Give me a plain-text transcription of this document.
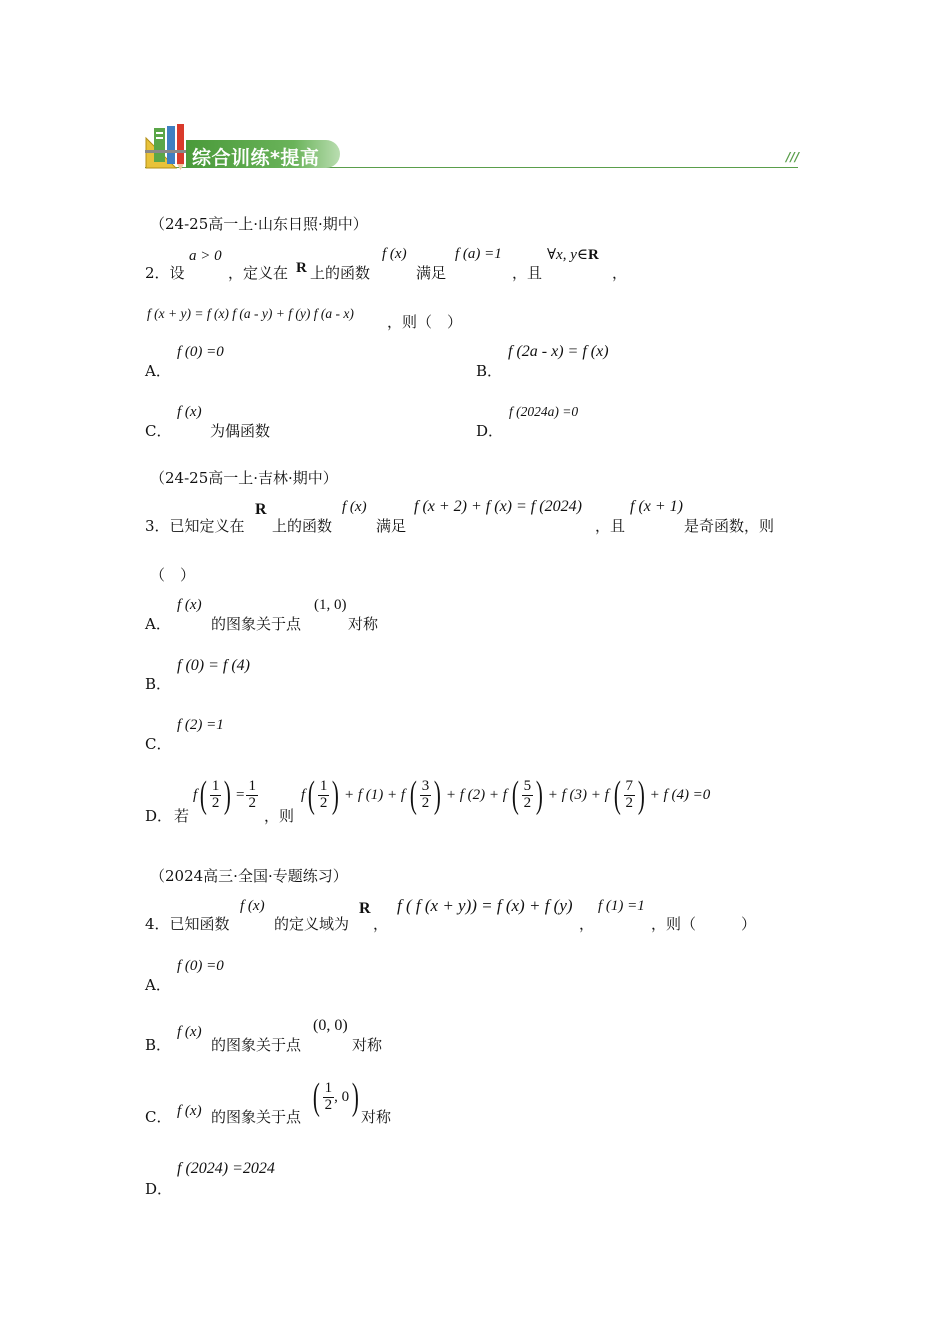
综合训练*提高	///
（24-25高一上·山东日照·期中）
2．设
a > 0
，定义在 R 上的函数
f (x)
满足
f (a) =1
，且
∀x, y∈R
，
f (x + y) = f (x) f (a - y) + f (y) f (a - x) ，则（　）
A．
f (0) =0
B．
f (2a - x) = f (x)
C．
f (x)
为偶函数	D．
f (2024a) =0
（24-25高一上·吉林·期中）
3．已知定义在
R
上的函数
f (x)
满足
f (x + 2) + f (x) = f (2024)
，且
f (x + 1)
是奇函数，则
（　）
A．
f (x)
的图象关于点
(1, 0)
对称
B．
f (0) = f (4)
C．
f (2) =1
D． 若
f ( $\frac{1}{2}$ ) = $\frac{1}{2}$
，则
f ( $\frac{1}{2}$ ) + f (1) + f ( $\frac{3}{2}$ ) + f (2) + f ( $\frac{5}{2}$ ) + f (3) + f ( $\frac{7}{2}$ ) + f (4) =0
（2024高三·全国·专题练习）
4．已知函数
f (x)
的定义域为
R
，
f ( f (x + y)) = f (x) + f (y)
，
f (1) =1
，则（　　　）
A．
f (0) =0
B．
f (x)
的图象关于点
(0, 0)
对称
C． f (x) 的图象关于点 ( $\frac{1}{2}$ , 0 ) 对称
D．
f (2024) =2024
